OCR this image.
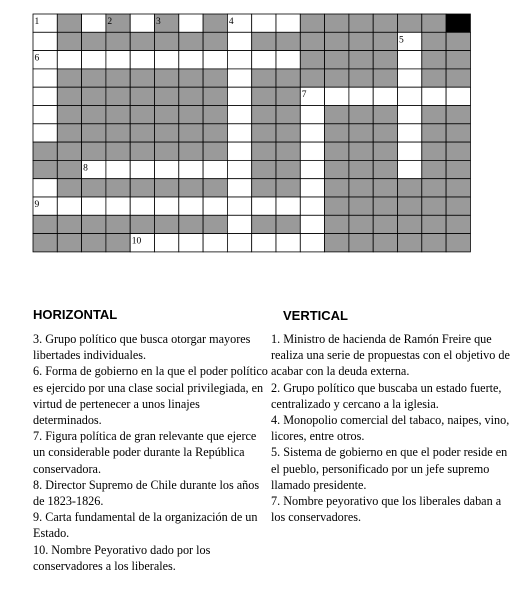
1	2	3	4
5
6
7
8
9
10
HORIZONTAL	VERTICAL

3. Grupo político que busca otorgar mayores libertades individuales.

6. Forma de gobierno en la que el poder político es ejercido por una clase social privilegiada, en virtud de pertenecer a unos linajes determinados.

7. Figura política de gran relevante que ejerce un considerable poder durante la República conservadora.

8. Director Supremo de Chile durante los años de 1823-1826.

9. Carta fundamental de la organización de un Estado.

10. Nombre Peyorativo dado por los conservadores a los liberales.

1. Ministro de hacienda de Ramón Freire que realiza una serie de propuestas con el objetivo de acabar con la deuda externa.

2. Grupo político que buscaba un estado fuerte, centralizado y cercano a la iglesia.

4. Monopolio comercial del tabaco, naipes, vino, licores, entre otros.

5. Sistema de gobierno en que el poder reside en el pueblo, personificado por un jefe supremo llamado presidente.

7. Nombre peyorativo que los liberales daban a los conservadores.
